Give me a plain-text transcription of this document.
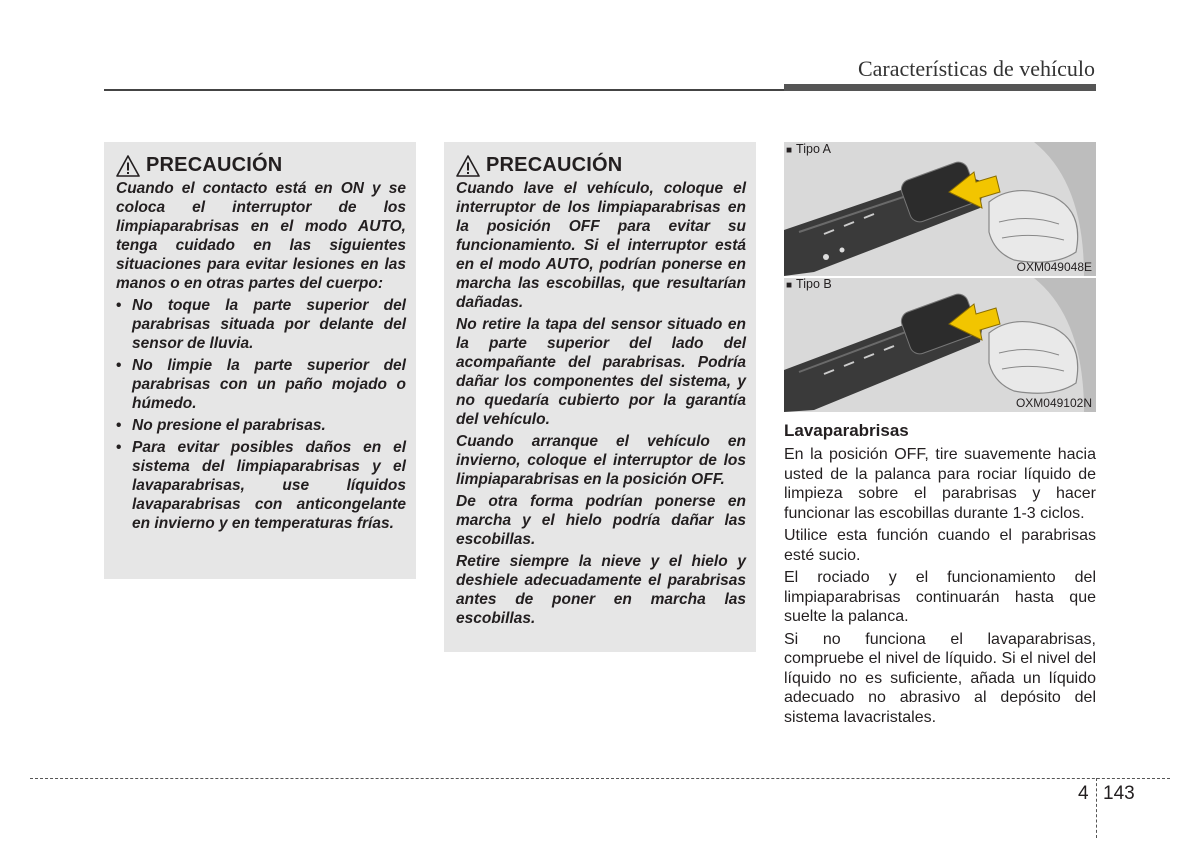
Características de vehículo
PRECAUCIÓN

Cuando el contacto está en ON y se coloca el interruptor de los limpiaparabrisas en el modo AUTO, tenga cuidado en las siguientes situaciones para evitar lesiones en las manos o en otras partes del cuerpo:

• No toque la parte superior del parabrisas situada por delante del sensor de lluvia.
• No limpie la parte superior del parabrisas con un paño mojado o húmedo.
• No presione el parabrisas.
• Para evitar posibles daños en el sistema del limpiaparabrisas y el lavaparabrisas, use líquidos lavaparabrisas con anticongelante en invierno y en temperaturas frías.
PRECAUCIÓN

Cuando lave el vehículo, coloque el interruptor de los limpiaparabrisas en la posición OFF para evitar su funcionamiento. Si el interruptor está en el modo AUTO, podrían ponerse en marcha las escobillas, que resultarían dañadas.

No retire la tapa del sensor situado en la parte superior del lado del acompañante del parabrisas. Podría dañar los componentes del sistema, y no quedaría cubierto por la garantía del vehículo.

Cuando arranque el vehículo en invierno, coloque el interruptor de los limpiaparabrisas en la posición OFF.

De otra forma podrían ponerse en marcha y el hielo podría dañar las escobillas.

Retire siempre la nieve y el hielo y deshiele adecuadamente el parabrisas antes de poner en marcha las escobillas.

OXM049048E
■ Tipo A
OXM049102N
■ Tipo B
Lavaparabrisas

En la posición OFF, tire suavemente hacia usted de la palanca para rociar líquido de limpieza sobre el parabrisas y hacer funcionar las escobillas durante 1-3 ciclos.

Utilice esta función cuando el parabrisas esté sucio.

El rociado y el funcionamiento del limpiaparabrisas continuarán hasta que suelte la palanca.

Si no funciona el lavaparabrisas, compruebe el nivel de líquido. Si el nivel del líquido no es suficiente, añada un líquido adecuado no abrasivo al depósito del sistema lavacristales.

4 143
